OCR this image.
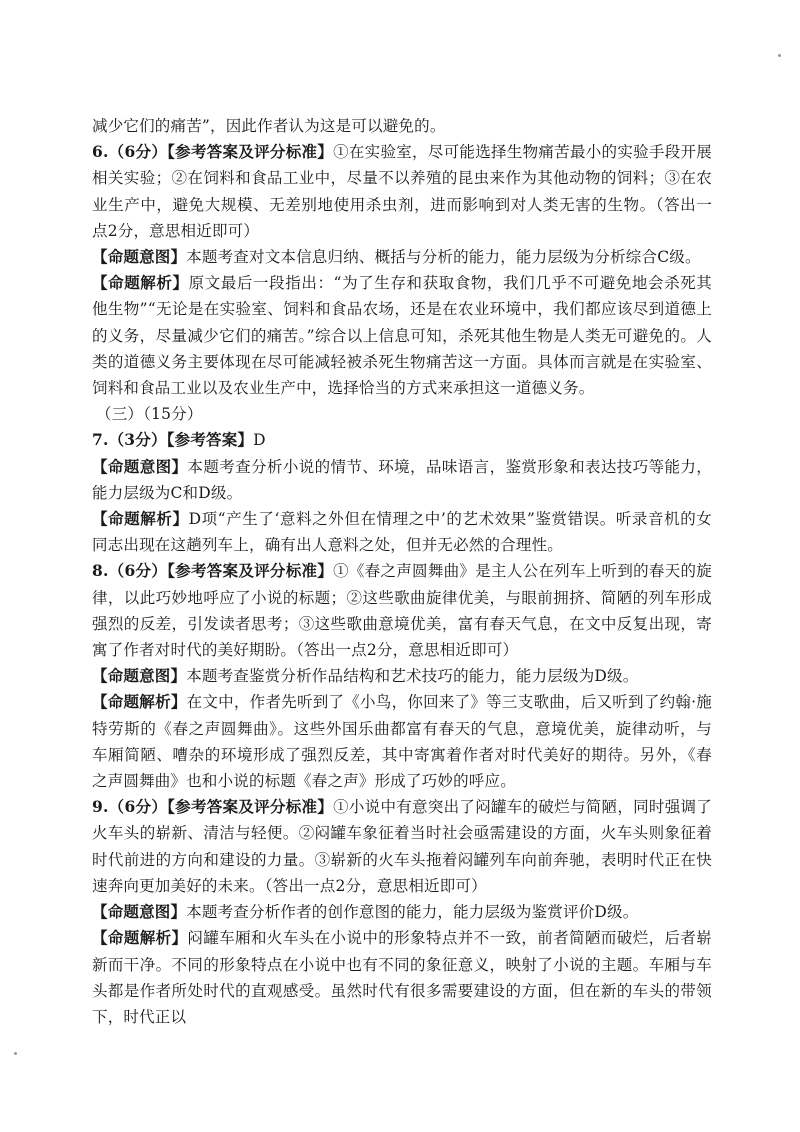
减少它们的痛苦”，因此作者认为这是可以避免的。

6.（6分）【参考答案及评分标准】①在实验室，尽可能选择生物痛苦最小的实验手段开展相关实验；②在饲料和食品工业中，尽量不以养殖的昆虫来作为其他动物的饲料；③在农业生产中，避免大规模、无差别地使用杀虫剂，进而影响到对人类无害的生物。（答出一点2分，意思相近即可）

【命题意图】本题考查对文本信息归纳、概括与分析的能力，能力层级为分析综合C级。

【命题解析】原文最后一段指出：“为了生存和获取食物，我们几乎不可避免地会杀死其他生物”“无论是在实验室、饲料和食品农场，还是在农业环境中，我们都应该尽到道德上的义务，尽量减少它们的痛苦。”综合以上信息可知，杀死其他生物是人类无可避免的。人类的道德义务主要体现在尽可能减轻被杀死生物痛苦这一方面。具体而言就是在实验室、饲料和食品工业以及农业生产中，选择恰当的方式来承担这一道德义务。

（三）（15分）

7.（3分）【参考答案】D

【命题意图】本题考查分析小说的情节、环境，品味语言，鉴赏形象和表达技巧等能力，能力层级为C和D级。

【命题解析】D项“产生了‘意料之外但在情理之中’的艺术效果”鉴赏错误。听录音机的女同志出现在这趟列车上，确有出人意料之处，但并无必然的合理性。

8.（6分）【参考答案及评分标准】①《春之声圆舞曲》是主人公在列车上听到的春天的旋律，以此巧妙地呼应了小说的标题；②这些歌曲旋律优美，与眼前拥挤、简陋的列车形成强烈的反差，引发读者思考；③这些歌曲意境优美，富有春天气息，在文中反复出现，寄寓了作者对时代的美好期盼。（答出一点2分，意思相近即可）

【命题意图】本题考查鉴赏分析作品结构和艺术技巧的能力，能力层级为D级。

【命题解析】在文中，作者先听到了《小鸟，你回来了》等三支歌曲，后又听到了约翰·施特劳斯的《春之声圆舞曲》。这些外国乐曲都富有春天的气息，意境优美，旋律动听，与车厢简陋、嘈杂的环境形成了强烈反差，其中寄寓着作者对时代美好的期待。另外，《春之声圆舞曲》也和小说的标题《春之声》形成了巧妙的呼应。

9.（6分）【参考答案及评分标准】①小说中有意突出了闷罐车的破烂与简陋，同时强调了火车头的崭新、清洁与轻便。②闷罐车象征着当时社会亟需建设的方面，火车头则象征着时代前进的方向和建设的力量。③崭新的火车头拖着闷罐列车向前奔驰，表明时代正在快速奔向更加美好的未来。（答出一点2分，意思相近即可）

【命题意图】本题考查分析作者的创作意图的能力，能力层级为鉴赏评价D级。

【命题解析】闷罐车厢和火车头在小说中的形象特点并不一致，前者简陋而破烂，后者崭新而干净。不同的形象特点在小说中也有不同的象征意义，映射了小说的主题。车厢与车头都是作者所处时代的直观感受。虽然时代有很多需要建设的方面，但在新的车头的带领下，时代正以
